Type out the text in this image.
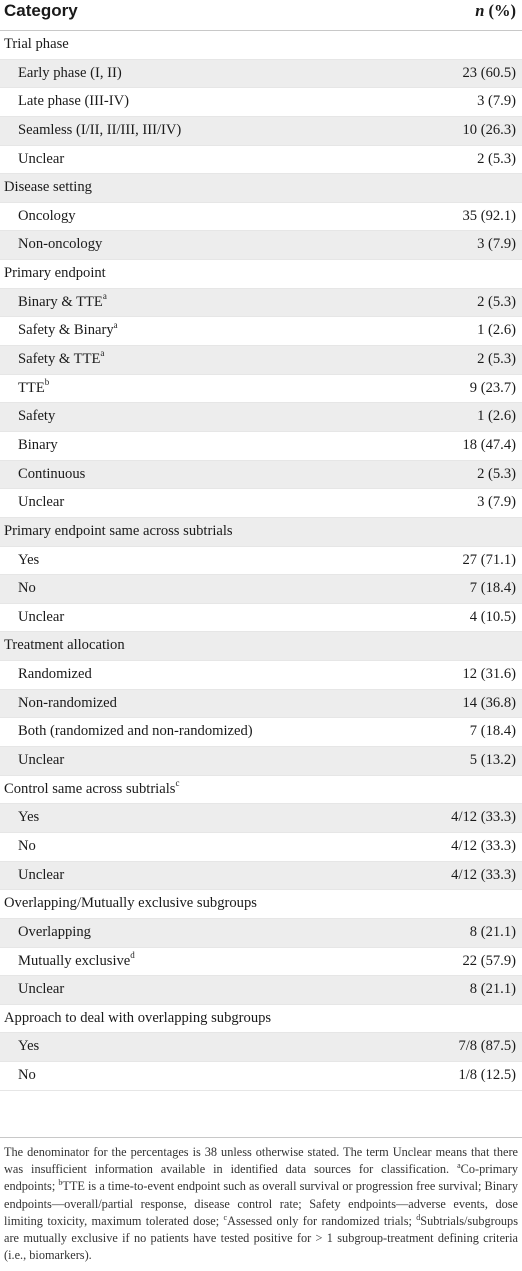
Category	n (%)
Trial phase
Early phase (I, II)	23 (60.5)
Late phase (III-IV)	3 (7.9)
Seamless (I/II, II/III, III/IV)	10 (26.3)
Unclear	2 (5.3)
Disease setting
Oncology	35 (92.1)
Non-oncology	3 (7.9)
Primary endpoint
Binary & TTE$^a$	2 (5.3)
Safety & Binary$^a$	1 (2.6)
Safety & TTE$^a$	2 (5.3)
TTE$^b$	9 (23.7)
Safety	1 (2.6)
Binary	18 (47.4)
Continuous	2 (5.3)
Unclear	3 (7.9)
Primary endpoint same across subtrials
Yes	27 (71.1)
No	7 (18.4)
Unclear	4 (10.5)
Treatment allocation
Randomized	12 (31.6)
Non-randomized	14 (36.8)
Both (randomized and non-randomized)	7 (18.4)
Unclear	5 (13.2)
Control same across subtrials$^c$
Yes	4/12 (33.3)
No	4/12 (33.3)
Unclear	4/12 (33.3)
Overlapping/Mutually exclusive subgroups
Overlapping	8 (21.1)
Mutually exclusive$^d$	22 (57.9)
Unclear	8 (21.1)
Approach to deal with overlapping subgroups
Yes	7/8 (87.5)
No	1/8 (12.5)

The denominator for the percentages is 38 unless otherwise stated. The term Unclear means that there was insufficient information available in identified data sources for classification. $^a$Co-primary endpoints; $^b$TTE is a time-to-event endpoint such as overall survival or progression free survival; Binary endpoints—overall/partial response, disease control rate; Safety endpoints—adverse events, dose limiting toxicity, maximum tolerated dose; $^c$Assessed only for randomized trials; $^d$Subtrials/subgroups are mutually exclusive if no patients have tested positive for > 1 subgroup-treatment defining criteria (i.e., biomarkers).
